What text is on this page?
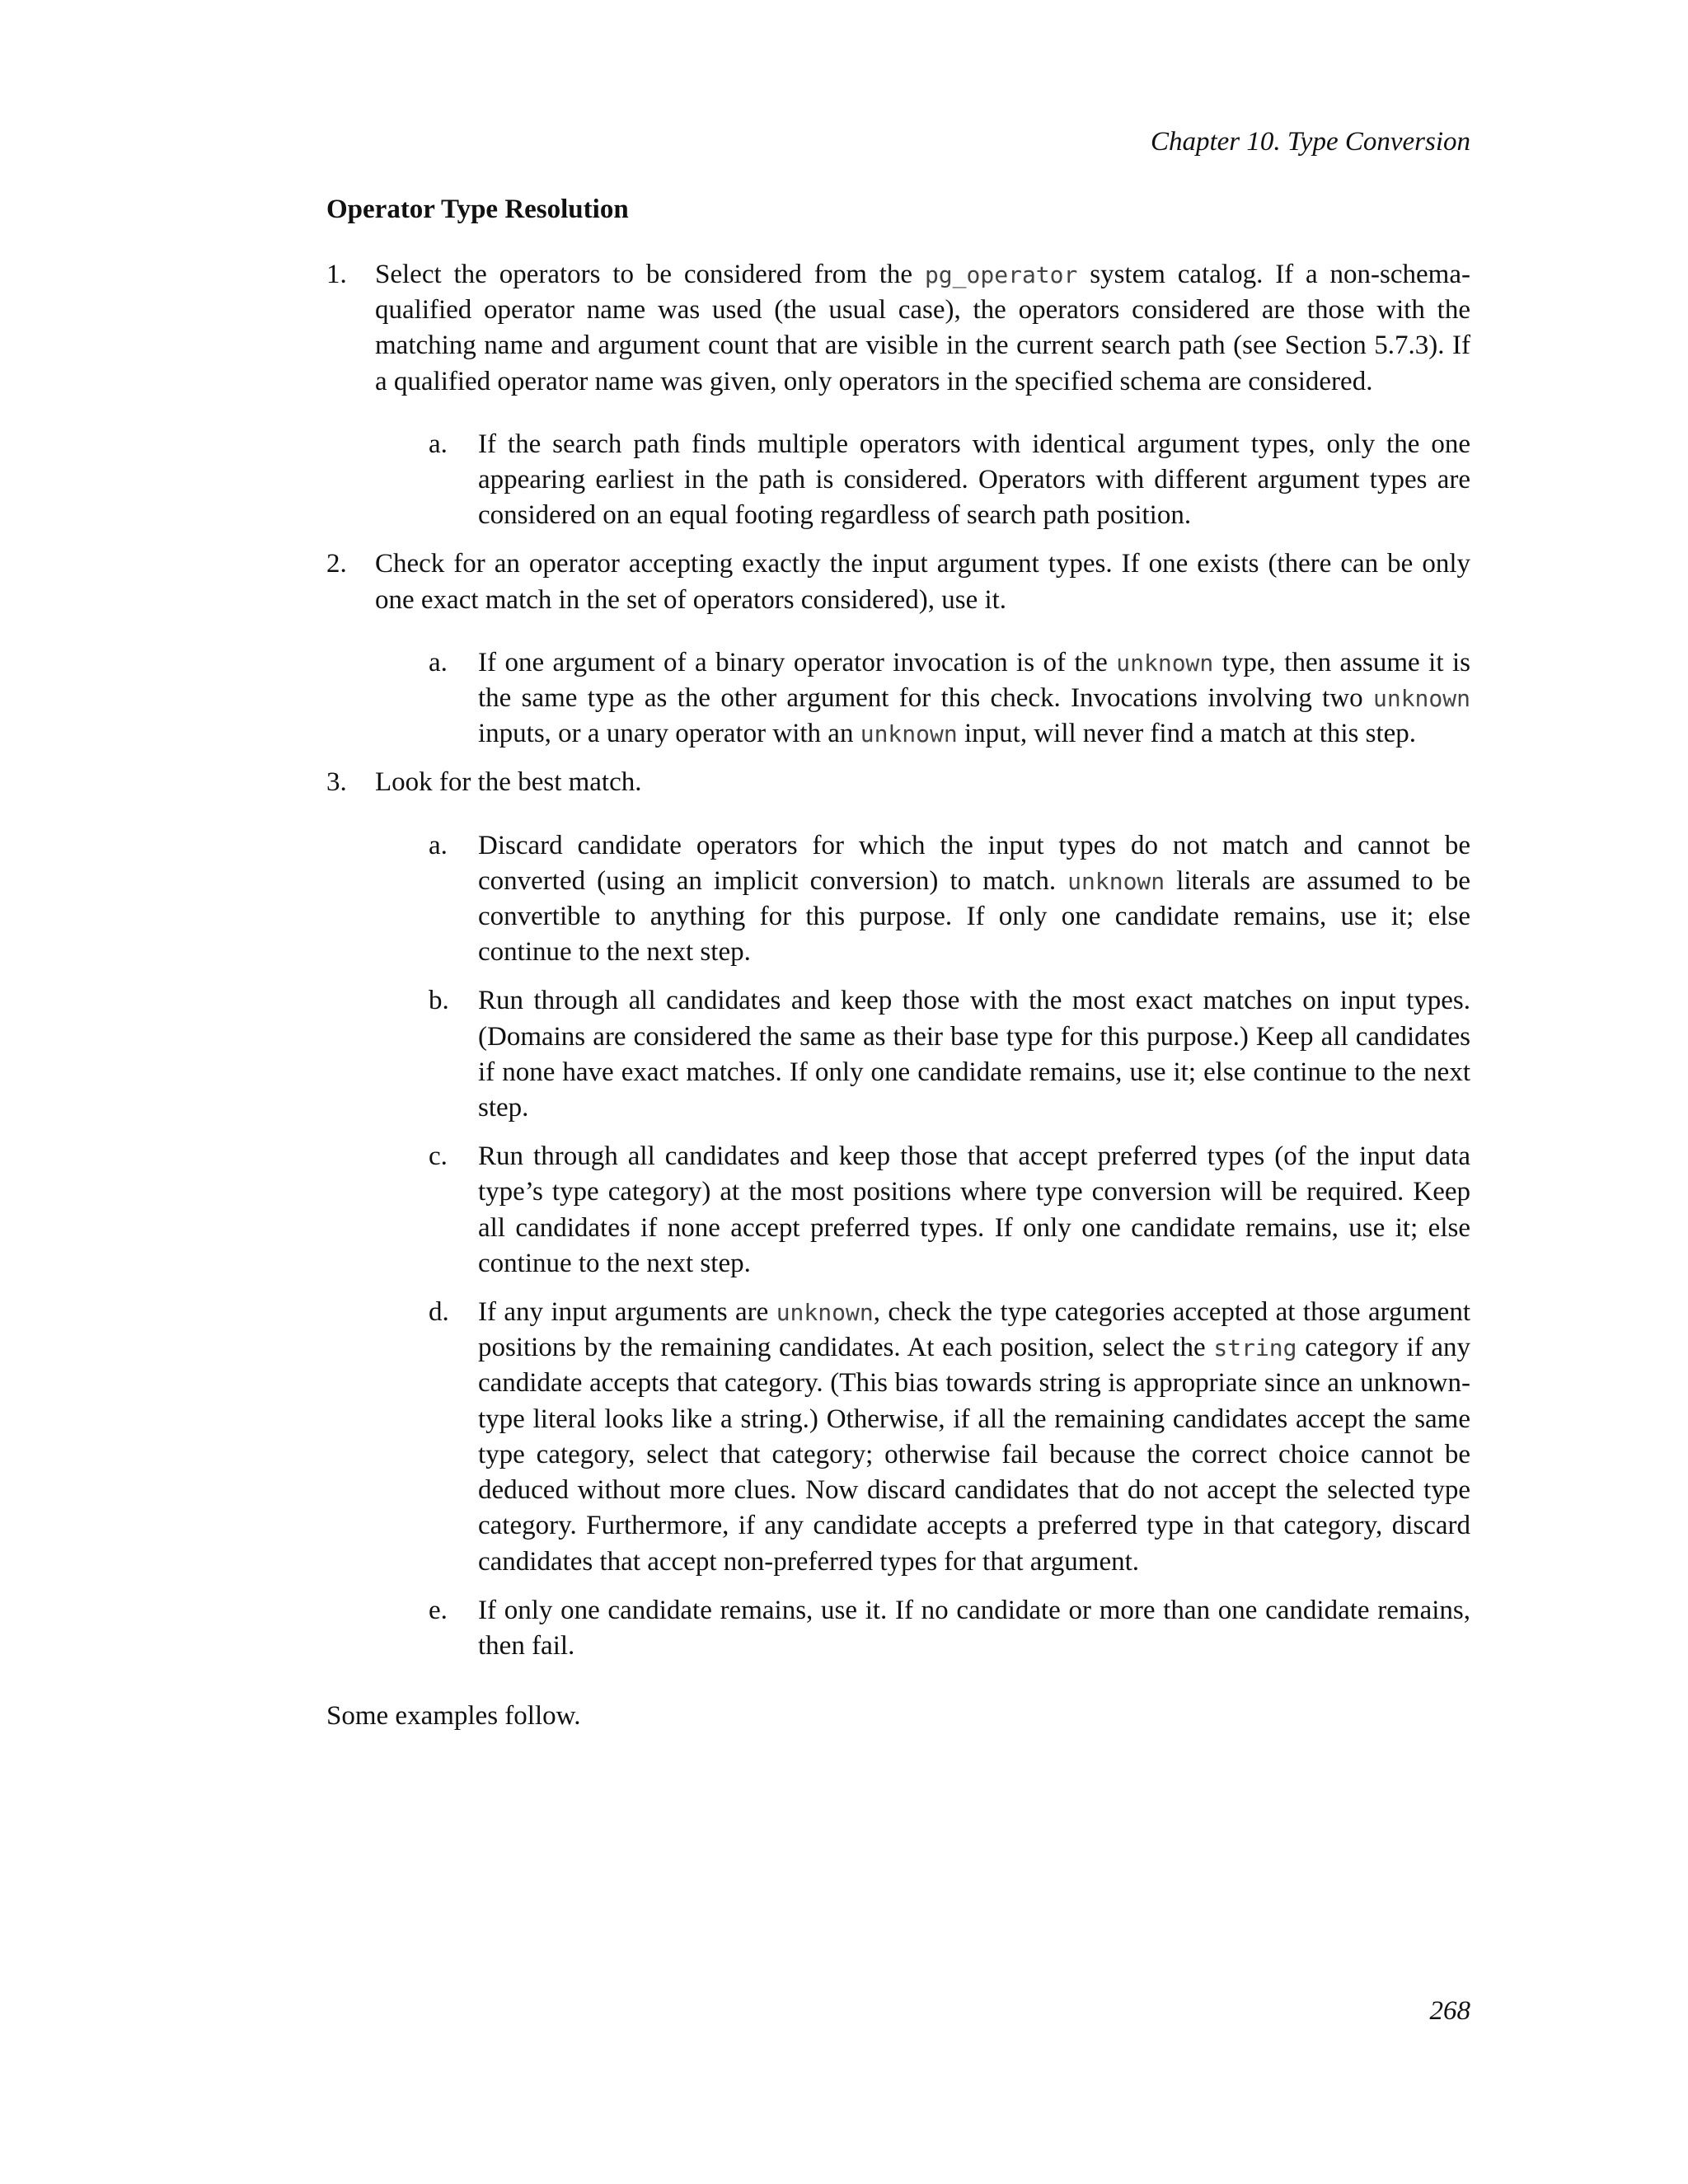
Chapter 10. Type Conversion
Operator Type Resolution
1. Select the operators to be considered from the pg_operator system catalog. If a non-schema-qualified operator name was used (the usual case), the operators considered are those with the matching name and argument count that are visible in the current search path (see Section 5.7.3). If a qualified operator name was given, only operators in the specified schema are considered.

a. If the search path finds multiple operators with identical argument types, only the one appearing earliest in the path is considered. Operators with different argument types are considered on an equal footing regardless of search path position.

2. Check for an operator accepting exactly the input argument types. If one exists (there can be only one exact match in the set of operators considered), use it.

a. If one argument of a binary operator invocation is of the unknown type, then assume it is the same type as the other argument for this check. Invocations involving two unknown inputs, or a unary operator with an unknown input, will never find a match at this step.

3. Look for the best match.

a. Discard candidate operators for which the input types do not match and cannot be converted (using an implicit conversion) to match. unknown literals are assumed to be convertible to anything for this purpose. If only one candidate remains, use it; else continue to the next step.

b. Run through all candidates and keep those with the most exact matches on input types. (Domains are considered the same as their base type for this purpose.) Keep all candidates if none have exact matches. If only one candidate remains, use it; else continue to the next step.

c. Run through all candidates and keep those that accept preferred types (of the input data type’s type category) at the most positions where type conversion will be required. Keep all candidates if none accept preferred types. If only one candidate remains, use it; else continue to the next step.

d. If any input arguments are unknown, check the type categories accepted at those argument positions by the remaining candidates. At each position, select the string category if any candidate accepts that category. (This bias towards string is appropriate since an unknown-type literal looks like a string.) Otherwise, if all the remaining candidates accept the same type category, select that category; otherwise fail because the correct choice cannot be deduced without more clues. Now discard candidates that do not accept the selected type category. Furthermore, if any candidate accepts a preferred type in that category, discard candidates that accept non-preferred types for that argument.

e. If only one candidate remains, use it. If no candidate or more than one candidate remains, then fail.

Some examples follow.

268
